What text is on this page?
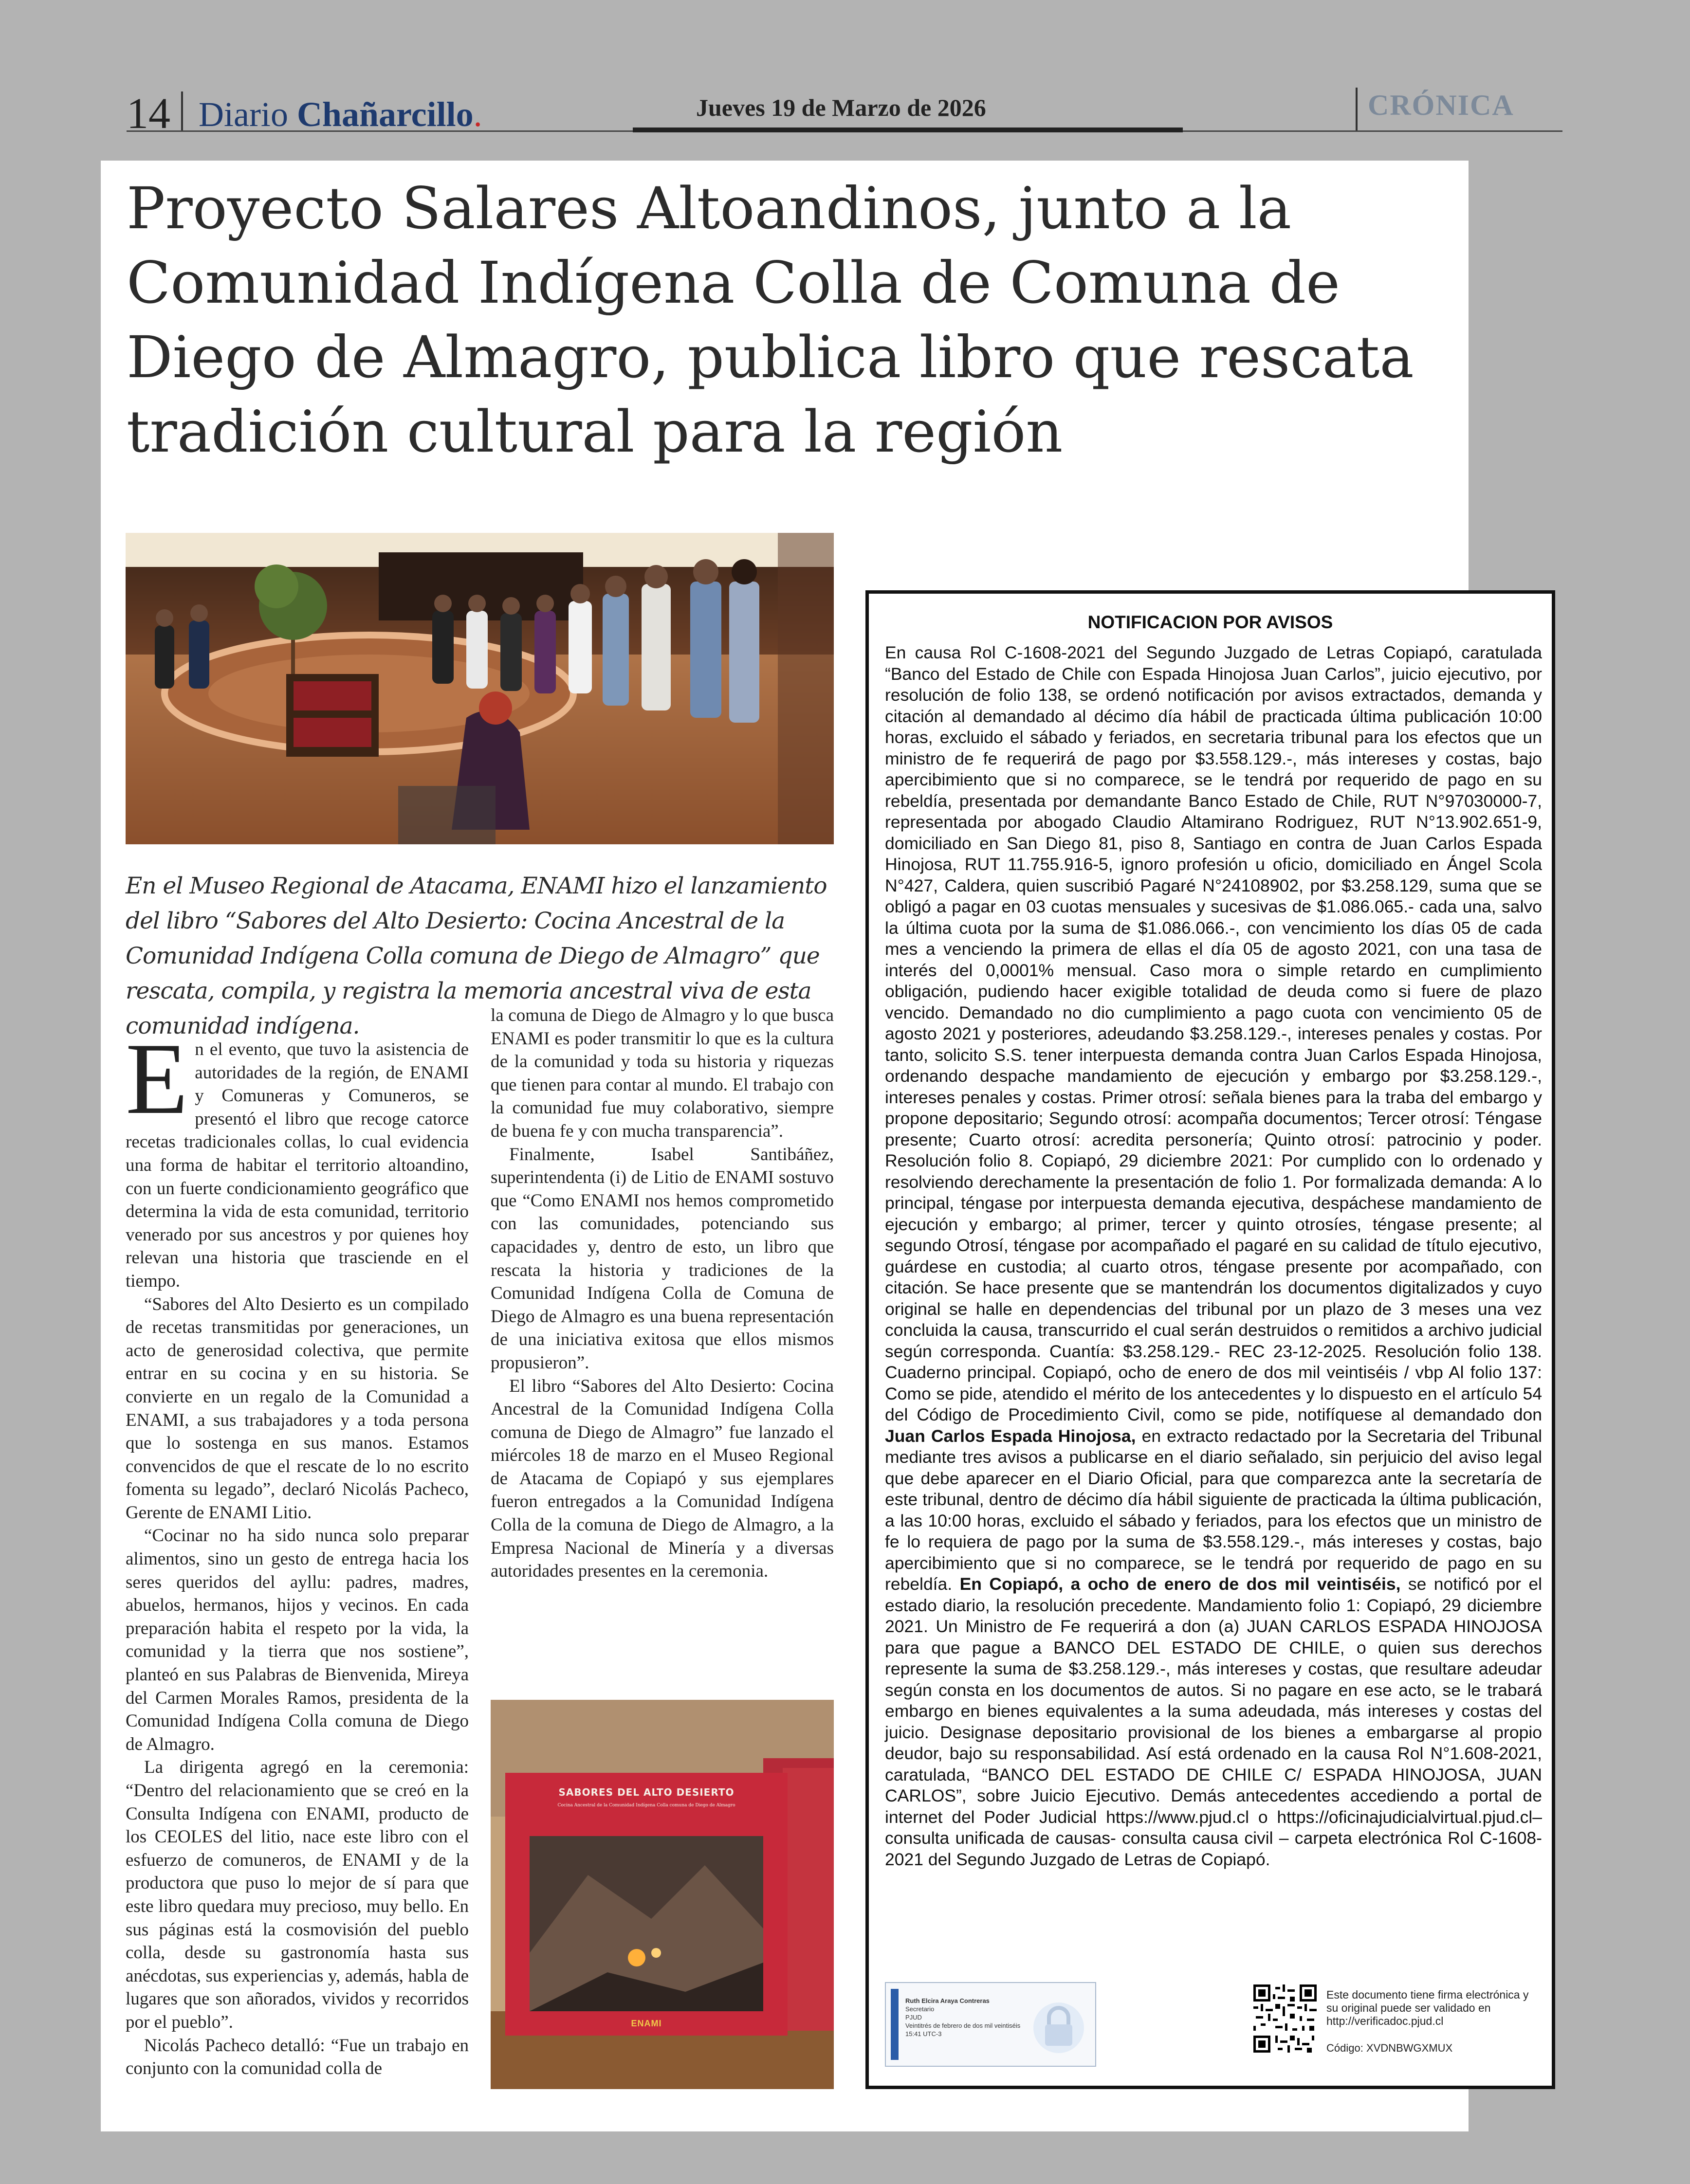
14 Diario Chañarcillo.	Jueves 19 de Marzo de 2026	CRÓNICA
Proyecto Salares Altoandinos, junto a la Comunidad Indígena Colla de Comuna de Diego de Almagro, publica libro que rescata tradición cultural para la región

En el Museo Regional de Atacama, ENAMI hizo el lanzamiento del libro “Sabores del Alto Desierto: Cocina Ancestral de la Comunidad Indígena Colla comuna de Diego de Almagro” que rescata, compila, y registra la memoria ancestral viva de esta comunidad indígena.

En el evento, que tuvo la asistencia de autoridades de la región, de ENAMI y Comuneras y Comuneros, se presentó el libro que recoge catorce recetas tradicionales collas, lo cual evidencia una forma de habitar el territorio altoandino, con un fuerte condicionamiento geográfico que determina la vida de esta comunidad, territorio venerado por sus ancestros y por quienes hoy relevan una historia que trasciende en el tiempo.

“Sabores del Alto Desierto es un compilado de recetas transmitidas por generaciones, un acto de generosidad colectiva, que permite entrar en su cocina y en su historia. Se convierte en un regalo de la Comunidad a ENAMI, a sus trabajadores y a toda persona que lo sostenga en sus manos. Estamos convencidos de que el rescate de lo no escrito fomenta su legado”, declaró Nicolás Pacheco, Gerente de ENAMI Litio.

“Cocinar no ha sido nunca solo preparar alimentos, sino un gesto de entrega hacia los seres queridos del ayllu: padres, madres, abuelos, hermanos, hijos y vecinos. En cada preparación habita el respeto por la vida, la comunidad y la tierra que nos sostiene”, planteó en sus Palabras de Bienvenida, Mireya del Carmen Morales Ramos, presidenta de la Comunidad Indígena Colla comuna de Diego de Almagro.

La dirigenta agregó en la ceremonia: “Dentro del relacionamiento que se creó en la Consulta Indígena con ENAMI, producto de los CEOLES del litio, nace este libro con el esfuerzo de comuneros, de ENAMI y de la productora que puso lo mejor de sí para que este libro quedara muy precioso, muy bello. En sus páginas está la cosmovisión del pueblo colla, desde su gastronomía hasta sus anécdotas, sus experiencias y, además, habla de lugares que son añorados, vividos y recorridos por el pueblo”.

Nicolás Pacheco detalló: “Fue un trabajo en conjunto con la comunidad colla de

la comuna de Diego de Almagro y lo que busca ENAMI es poder transmitir lo que es la cultura de la comunidad y toda su historia y riquezas que tienen para contar al mundo. El trabajo con la comunidad fue muy colaborativo, siempre de buena fe y con mucha transparencia”.

Finalmente, Isabel Santibáñez, superintendenta (i) de Litio de ENAMI sostuvo que “Como ENAMI nos hemos comprometido con las comunidades, potenciando sus capacidades y, dentro de esto, un libro que rescata la historia y tradiciones de la Comunidad Indígena Colla de Comuna de Diego de Almagro es una buena representación de una iniciativa exitosa que ellos mismos propusieron”.

El libro “Sabores del Alto Desierto: Cocina Ancestral de la Comunidad Indígena Colla comuna de Diego de Almagro” fue lanzado el miércoles 18 de marzo en el Museo Regional de Atacama de Copiapó y sus ejemplares fueron entregados a la Comunidad Indígena Colla de la comuna de Diego de Almagro, a la Empresa Nacional de Minería y a diversas autoridades presentes en la ceremonia.

SABORES DEL ALTO DESIERTO
Cocina Ancestral de la Comunidad Indígena Colla comuna de Diego de Almagro
ENAMI
NOTIFICACION POR AVISOS

En causa Rol C-1608-2021 del Segundo Juzgado de Letras Copiapó, caratulada “Banco del Estado de Chile con Espada Hinojosa Juan Carlos”, juicio ejecutivo, por resolución de folio 138, se ordenó notificación por avisos extractados, demanda y citación al demandado al décimo día hábil de practicada última publicación 10:00 horas, excluido el sábado y feriados, en secretaria tribunal para los efectos que un ministro de fe requerirá de pago por $3.558.129.-, más intereses y costas, bajo apercibimiento que si no comparece, se le tendrá por requerido de pago en su rebeldía, presentada por demandante Banco Estado de Chile, RUT N°97030000-7, representada por abogado Claudio Altamirano Rodriguez, RUT N°13.902.651-9, domiciliado en San Diego 81, piso 8, Santiago en contra de Juan Carlos Espada Hinojosa, RUT 11.755.916-5, ignoro profesión u oficio, domiciliado en Ángel Scola N°427, Caldera, quien suscribió Pagaré N°24108902, por $3.258.129, suma que se obligó a pagar en 03 cuotas mensuales y sucesivas de $1.086.065.- cada una, salvo la última cuota por la suma de $1.086.066.-, con vencimiento los días 05 de cada mes a venciendo la primera de ellas el día 05 de agosto 2021, con una tasa de interés del 0,0001% mensual. Caso mora o simple retardo en cumplimiento obligación, pudiendo hacer exigible totalidad de deuda como si fuere de plazo vencido. Demandado no dio cumplimiento a pago cuota con vencimiento 05 de agosto 2021 y posteriores, adeudando $3.258.129.-, intereses penales y costas. Por tanto, solicito S.S. tener interpuesta demanda contra Juan Carlos Espada Hinojosa, ordenando despache mandamiento de ejecución y embargo por $3.258.129.-, intereses penales y costas. Primer otrosí: señala bienes para la traba del embargo y propone depositario; Segundo otrosí: acompaña documentos; Tercer otrosí: Téngase presente; Cuarto otrosí: acredita personería; Quinto otrosí: patrocinio y poder. Resolución folio 8. Copiapó, 29 diciembre 2021: Por cumplido con lo ordenado y resolviendo derechamente la presentación de folio 1. Por formalizada demanda: A lo principal, téngase por interpuesta demanda ejecutiva, despáchese mandamiento de ejecución y embargo; al primer, tercer y quinto otrosíes, téngase presente; al segundo Otrosí, téngase por acompañado el pagaré en su calidad de título ejecutivo, guárdese en custodia; al cuarto otros, téngase presente por acompañado, con citación. Se hace presente que se mantendrán los documentos digitalizados y cuyo original se halle en dependencias del tribunal por un plazo de 3 meses una vez concluida la causa, transcurrido el cual serán destruidos o remitidos a archivo judicial según corresponda. Cuantía: $3.258.129.- REC 23-12-2025. Resolución folio 138. Cuaderno principal. Copiapó, ocho de enero de dos mil veintiséis / vbp Al folio 137: Como se pide, atendido el mérito de los antecedentes y lo dispuesto en el artículo 54 del Código de Procedimiento Civil, como se pide, notifíquese al demandado don Juan Carlos Espada Hinojosa, en extracto redactado por la Secretaria del Tribunal mediante tres avisos a publicarse en el diario señalado, sin perjuicio del aviso legal que debe aparecer en el Diario Oficial, para que comparezca ante la secretaría de este tribunal, dentro de décimo día hábil siguiente de practicada la última publicación, a las 10:00 horas, excluido el sábado y feriados, para los efectos que un ministro de fe lo requiera de pago por la suma de $3.558.129.-, más intereses y costas, bajo apercibimiento que si no comparece, se le tendrá por requerido de pago en su rebeldía. En Copiapó, a ocho de enero de dos mil veintiséis, se notificó por el estado diario, la resolución precedente. Mandamiento folio 1: Copiapó, 29 diciembre 2021. Un Ministro de Fe requerirá a don (a) JUAN CARLOS ESPADA HINOJOSA para que pague a BANCO DEL ESTADO DE CHILE, o quien sus derechos represente la suma de $3.258.129.-, más intereses y costas, que resultare adeudar según consta en los documentos de autos. Si no pagare en ese acto, se le trabará embargo en bienes equivalentes a la suma adeudada, más intereses y costas del juicio. Designase depositario provisional de los bienes a embargarse al propio deudor, bajo su responsabilidad. Así está ordenado en la causa Rol N°1.608-2021, caratulada, “BANCO DEL ESTADO DE CHILE C/ ESPADA HINOJOSA, JUAN CARLOS”, sobre Juicio Ejecutivo. Demás antecedentes accediendo a portal de internet del Poder Judicial https://www.pjud.cl o https://oficinajudicialvirtual.pjud.cl–consulta unificada de causas- consulta causa civil – carpeta electrónica Rol C-1608-2021 del Segundo Juzgado de Letras de Copiapó.

Ruth Elcira Araya Contreras
Secretario
PJUD
Veintitrés de febrero de dos mil veintiséis
15:41 UTC-3
Este documento tiene firma electrónica y su original puede ser validado en http://verificadoc.pjud.cl
Código: XVDNBWGXMUX
